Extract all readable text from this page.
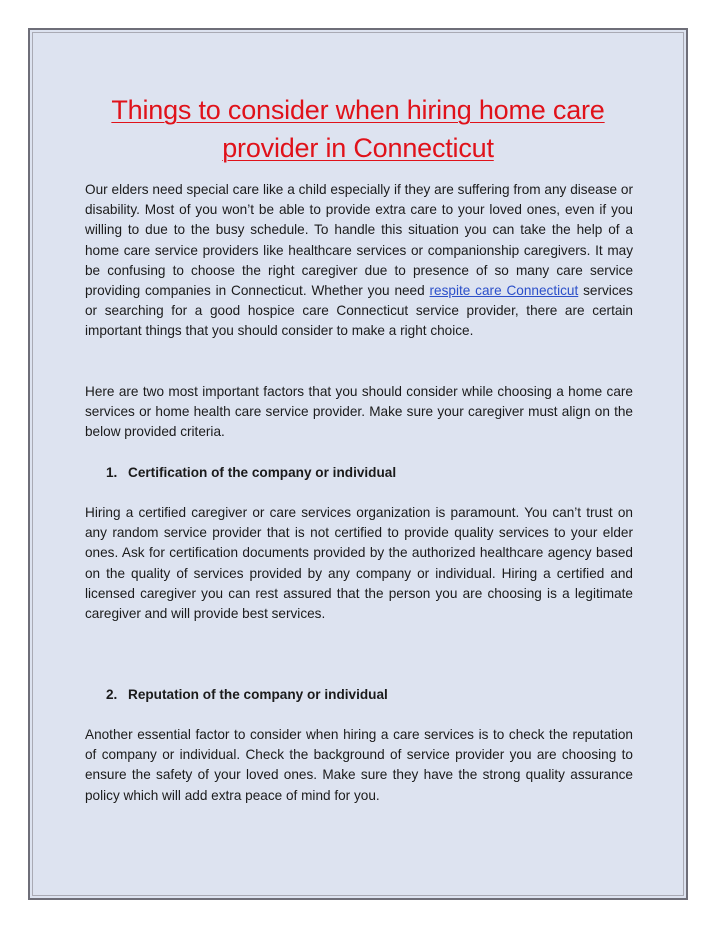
Things to consider when hiring home care
provider in Connecticut

Our elders need special care like a child especially if they are suffering from any disease or disability. Most of you won’t be able to provide extra care to your loved ones, even if you willing to due to the busy schedule. To handle this situation you can take the help of a home care service providers like healthcare services or companionship caregivers. It may be confusing to choose the right caregiver due to presence of so many care service providing companies in Connecticut. Whether you need respite care Connecticut services or searching for a good hospice care Connecticut service provider, there are certain important things that you should consider to make a right choice.

Here are two most important factors that you should consider while choosing a home care services or home health care service provider. Make sure your caregiver must align on the below provided criteria.

1. Certification of the company or individual

Hiring a certified caregiver or care services organization is paramount. You can’t trust on any random service provider that is not certified to provide quality services to your elder ones. Ask for certification documents provided by the authorized healthcare agency based on the quality of services provided by any company or individual. Hiring a certified and licensed caregiver you can rest assured that the person you are choosing is a legitimate caregiver and will provide best services.

2. Reputation of the company or individual

Another essential factor to consider when hiring a care services is to check the reputation of company or individual. Check the background of service provider you are choosing to ensure the safety of your loved ones. Make sure they have the strong quality assurance policy which will add extra peace of mind for you.
